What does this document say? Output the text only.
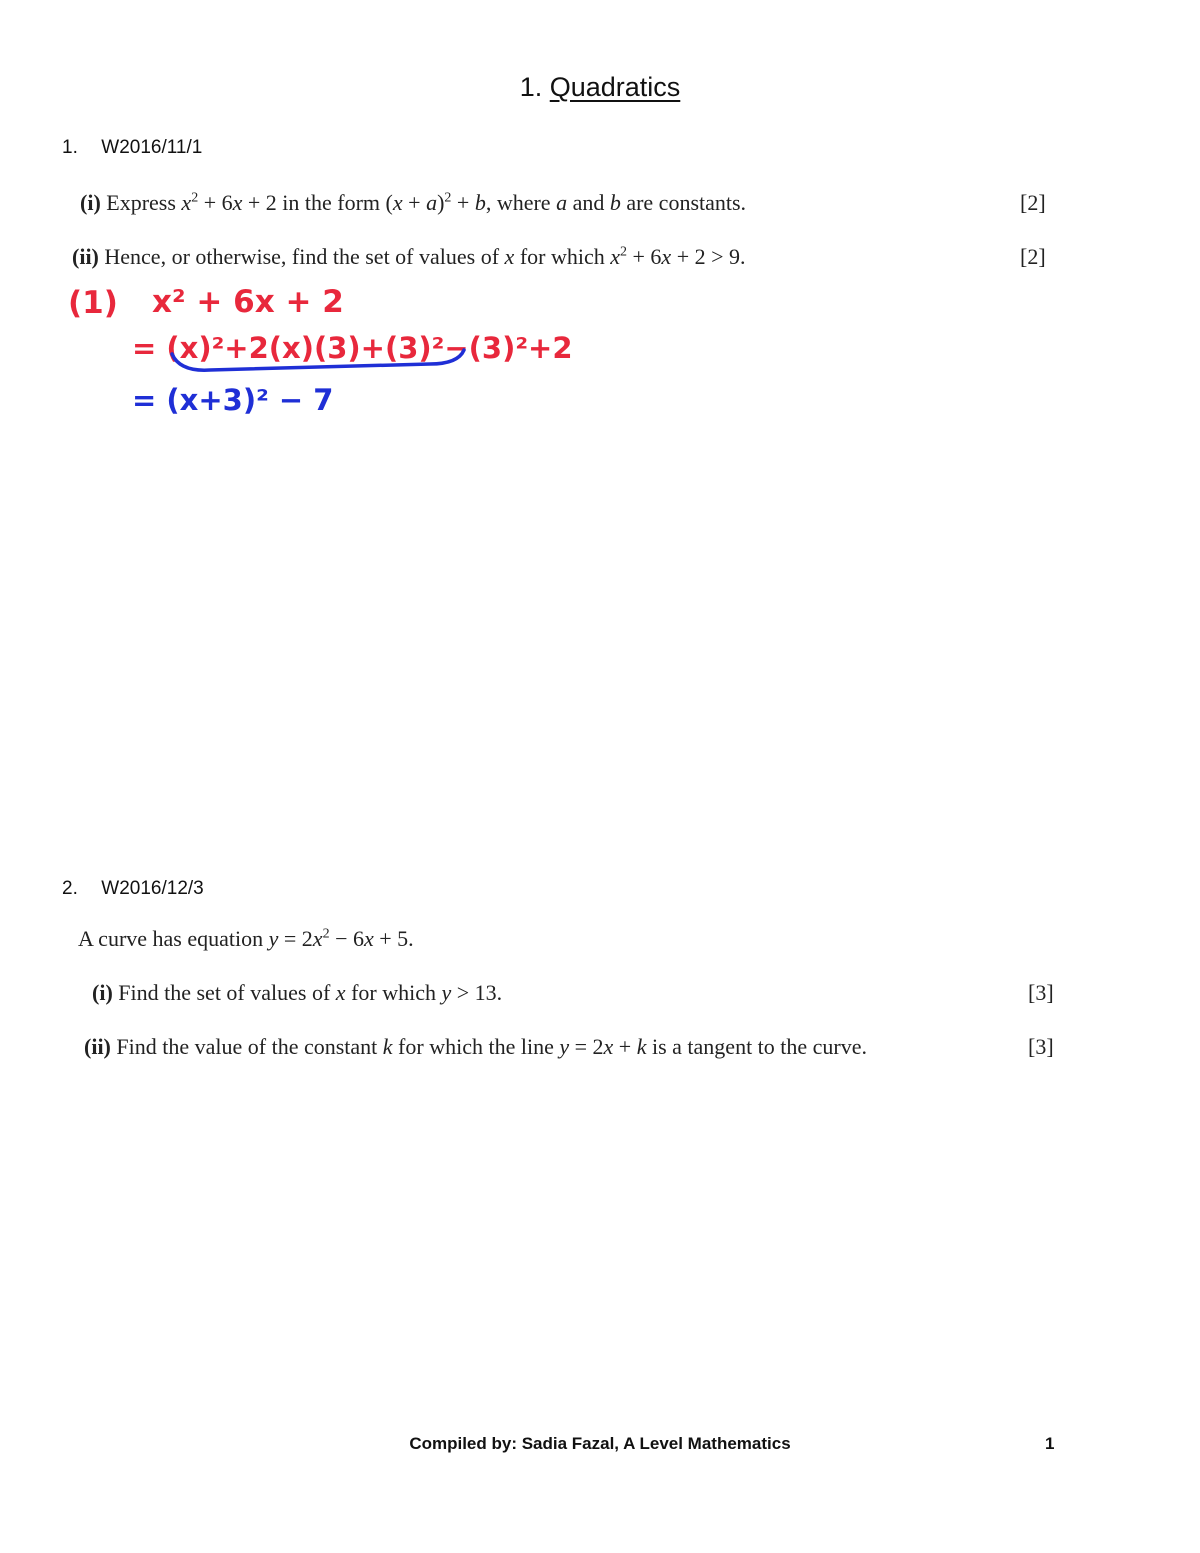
1. Quadratics
1. W2016/11/1
(i) Express $x^2 + 6x + 2$ in the form $(x + a)^2 + b$, where a and b are constants.	[2]
(ii) Hence, or otherwise, find the set of values of x for which $x^2 + 6x + 2 > 9$.	[2]
(1) x² + 6x + 2
= (x)²+2(x)(3)+(3)²−(3)²+2
= (x+3)² − 7
2. W2016/12/3
A curve has equation $y = 2x^2 - 6x + 5$.
(i) Find the set of values of x for which y > 13.	[3]
(ii) Find the value of the constant k for which the line y = 2x + k is a tangent to the curve.	[3]
Compiled by: Sadia Fazal, A Level Mathematics	1
